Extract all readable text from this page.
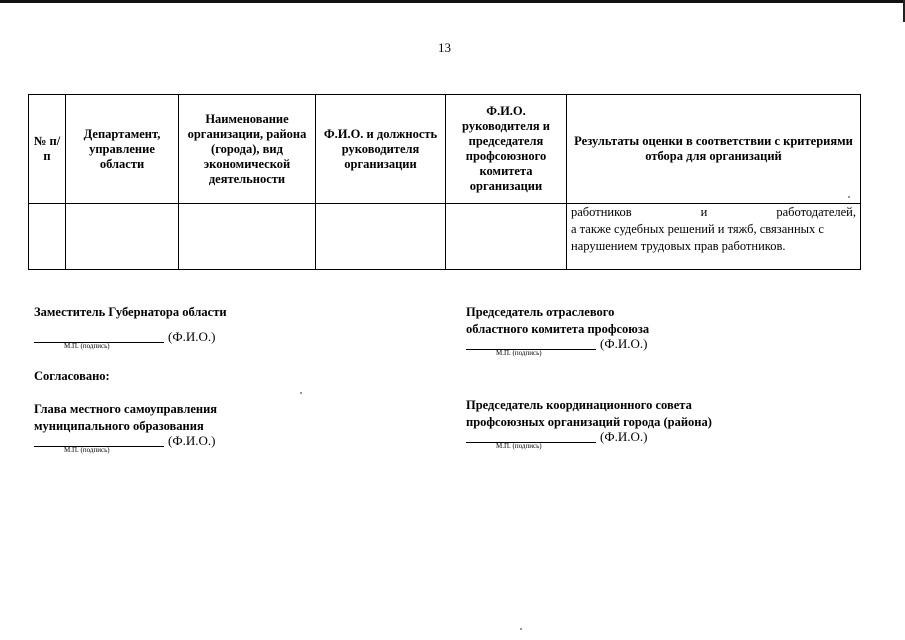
13
№ п/п	Департамент, управление области	Наименование организации, района (города), вид экономической деятельности	Ф.И.О. и должность руководителя организации	Ф.И.О. руководителя и председателя профсоюзного комитета организации	Результаты оценки в соответствии с критериями отбора для организаций

					работников и работодателей,
а также судебных решений и тяжб, связанных с нарушением трудовых прав работников.
Заместитель Губернатора области
(Ф.И.О.)
М.П. (подпись)
Согласовано:
Глава местного самоуправления
муниципального образования
(Ф.И.О.)
М.П. (подпись)
Председатель отраслевого
областного комитета профсоюза
(Ф.И.О.)
М.П. (подпись)
Председатель координационного совета
профсоюзных организаций города (района)
(Ф.И.О.)
М.П. (подпись)
